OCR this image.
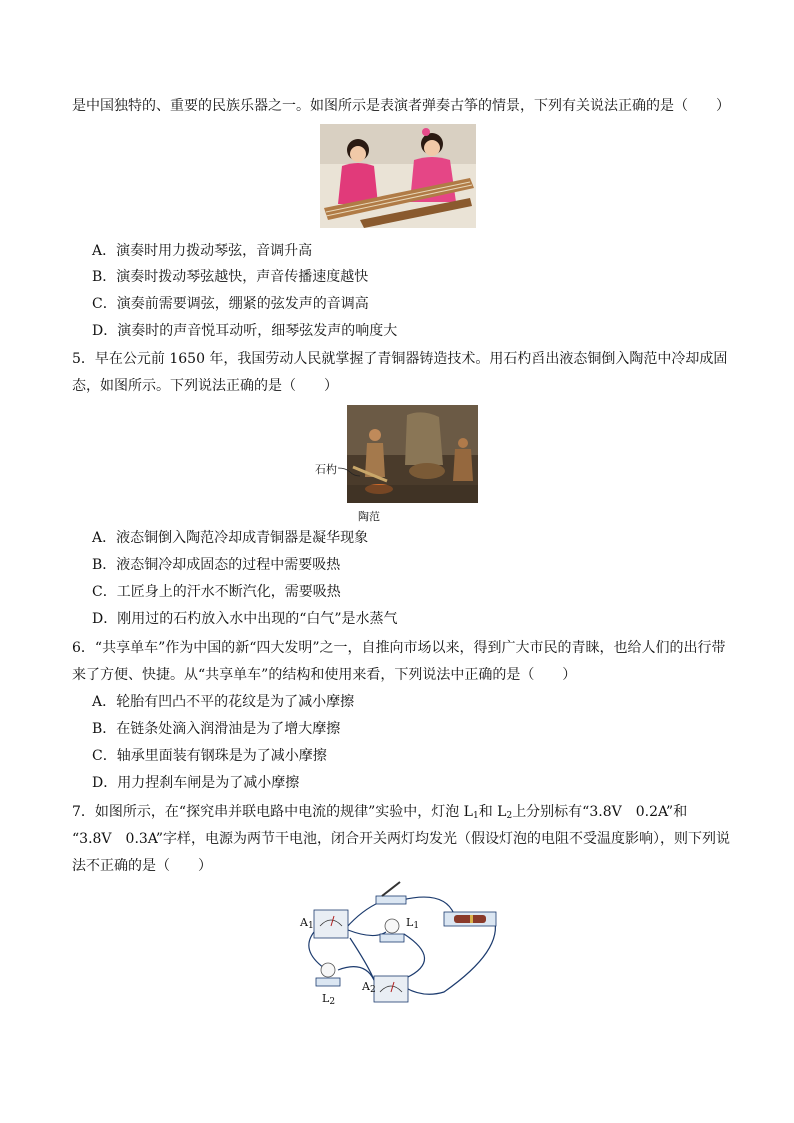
是中国独特的、重要的民族乐器之一。如图所示是表演者弹奏古筝的情景，下列有关说法正确的是（　　）
A．演奏时用力拨动琴弦，音调升高
B．演奏时拨动琴弦越快，声音传播速度越快
C．演奏前需要调弦，绷紧的弦发声的音调高
D．演奏时的声音悦耳动听，细琴弦发声的响度大
5．早在公元前 1650 年，我国劳动人民就掌握了青铜器铸造技术。用石杓舀出液态铜倒入陶范中冷却成固
态，如图所示。下列说法正确的是（　　）
石杓
陶范
A．液态铜倒入陶范冷却成青铜器是凝华现象
B．液态铜冷却成固态的过程中需要吸热
C．工匠身上的汗水不断汽化，需要吸热
D．刚用过的石杓放入水中出现的“白气”是水蒸气
6．“共享单车”作为中国的新“四大发明”之一，自推向市场以来，得到广大市民的青睐，也给人们的出行带
来了方便、快捷。从“共享单车”的结构和使用来看，下列说法中正确的是（　　）
A．轮胎有凹凸不平的花纹是为了减小摩擦
B．在链条处滴入润滑油是为了增大摩擦
C．轴承里面装有钢珠是为了减小摩擦
D．用力捏刹车闸是为了减小摩擦
7．如图所示，在“探究串并联电路中电流的规律”实验中，灯泡 $L_1$和 $L_2$上分别标有“3.8V　0.2A”和
“3.8V　0.3A”字样，电源为两节干电池，闭合开关两灯均发光（假设灯泡的电阻不受温度影响），则下列说
法不正确的是（　　）
$A_1$	$L_1$
$L_2$
$A_2$
